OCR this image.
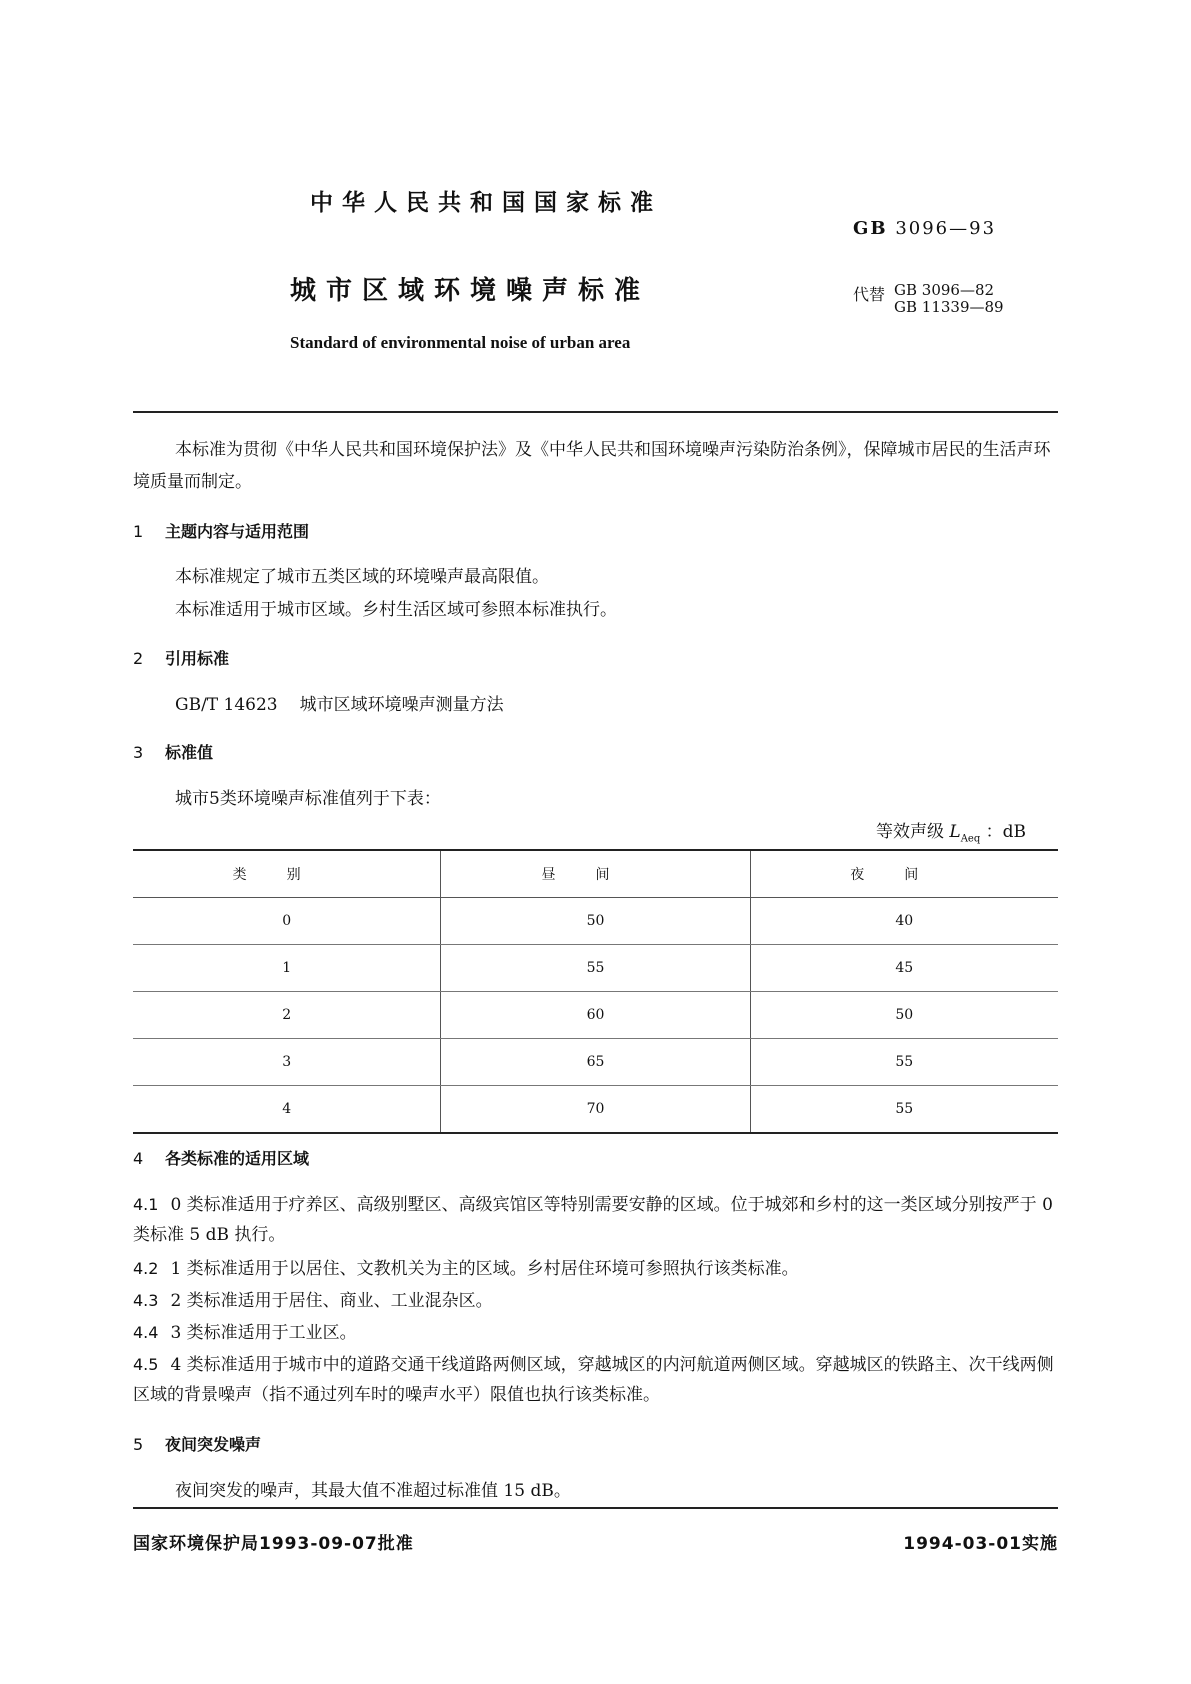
中华人民共和国国家标准
GB 3096—93
城市区域环境噪声标准	代替 GB 3096—82
GB 11339—89
Standard of environmental noise of urban area
本标准为贯彻《中华人民共和国环境保护法》及《中华人民共和国环境噪声污染防治条例》，保障城市居民的生活声环境质量而制定。
1 主题内容与适用范围
本标准规定了城市五类区域的环境噪声最高限值。
本标准适用于城市区域。乡村生活区域可参照本标准执行。
2 引用标准
GB/T 14623 城市区域环境噪声测量方法
3 标准值
城市5类环境噪声标准值列于下表：
等效声级 $L_{Aeq}$ ：dB
类别	昼间	夜间
0	50	40
1	55	45
2	60	50
3	65	55
4	70	55
4 各类标准的适用区域
4.1 0 类标准适用于疗养区、高级别墅区、高级宾馆区等特别需要安静的区域。位于城郊和乡村的这一类区域分别按严于 0 类标准 5 dB 执行。
4.2 1 类标准适用于以居住、文教机关为主的区域。乡村居住环境可参照执行该类标准。
4.3 2 类标准适用于居住、商业、工业混杂区。
4.4 3 类标准适用于工业区。
4.5 4 类标准适用于城市中的道路交通干线道路两侧区域，穿越城区的内河航道两侧区域。穿越城区的铁路主、次干线两侧区域的背景噪声（指不通过列车时的噪声水平）限值也执行该类标准。
5 夜间突发噪声
夜间突发的噪声，其最大值不准超过标准值 15 dB。
国家环境保护局1993-09-07批准	1994-03-01实施
